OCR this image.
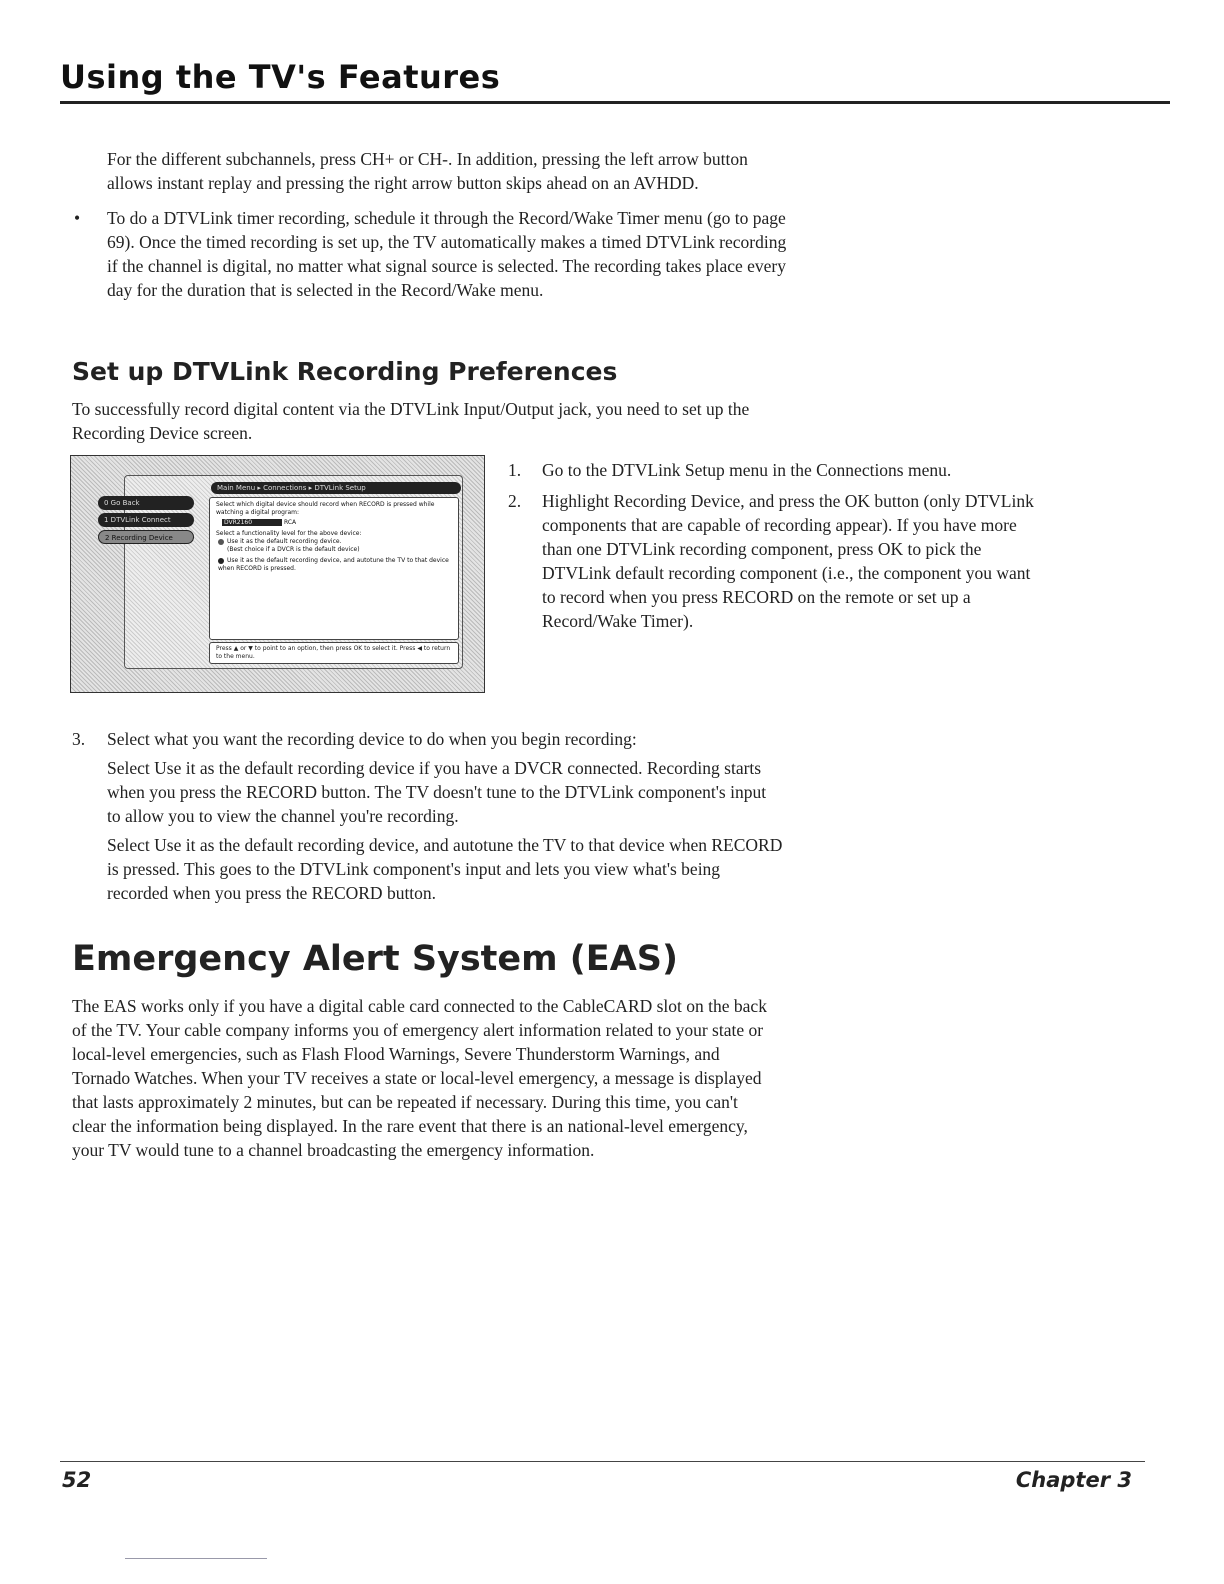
Using the TV's Features
For the different subchannels, press CH+ or CH-. In addition, pressing the left arrow button
allows instant replay and pressing the right arrow button skips ahead on an AVHDD.
• To do a DTVLink timer recording, schedule it through the Record/Wake Timer menu (go to page
69). Once the timed recording is set up, the TV automatically makes a timed DTVLink recording
if the channel is digital, no matter what signal source is selected. The recording takes place every
day for the duration that is selected in the Record/Wake menu.
Set up DTVLink Recording Preferences
To successfully record digital content via the DTVLink Input/Output jack, you need to set up the
Recording Device screen.
Main Menu ▸ Connections ▸ DTVLink Setup
0 Go Back
1 DTVLink Connect
2 Recording Device
Select which digital device should record when RECORD is pressed while watching a digital program:
DVR2160	RCA
Select a functionality level for the above device:
Use it as the default recording device.
(Best choice if a DVCR is the default device)
Use it as the default recording device, and autotune the TV to that device when RECORD is pressed.
Press ▲ or ▼ to point to an option, then press OK to select it. Press ◀ to return to the menu.
1. Go to the DTVLink Setup menu in the Connections menu.
2. Highlight Recording Device, and press the OK button (only DTVLink
components that are capable of recording appear). If you have more
than one DTVLink recording component, press OK to pick the
DTVLink default recording component (i.e., the component you want
to record when you press RECORD on the remote or set up a
Record/Wake Timer).
3. Select what you want the recording device to do when you begin recording:
Select Use it as the default recording device if you have a DVCR connected. Recording starts
when you press the RECORD button. The TV doesn't tune to the DTVLink component's input
to allow you to view the channel you're recording.
Select Use it as the default recording device, and autotune the TV to that device when RECORD
is pressed. This goes to the DTVLink component's input and lets you view what's being
recorded when you press the RECORD button.
Emergency Alert System (EAS)
The EAS works only if you have a digital cable card connected to the CableCARD slot on the back
of the TV. Your cable company informs you of emergency alert information related to your state or
local-level emergencies, such as Flash Flood Warnings, Severe Thunderstorm Warnings, and
Tornado Watches. When your TV receives a state or local-level emergency, a message is displayed
that lasts approximately 2 minutes, but can be repeated if necessary. During this time, you can't
clear the information being displayed. In the rare event that there is an national-level emergency,
your TV would tune to a channel broadcasting the emergency information.
52	Chapter 3
